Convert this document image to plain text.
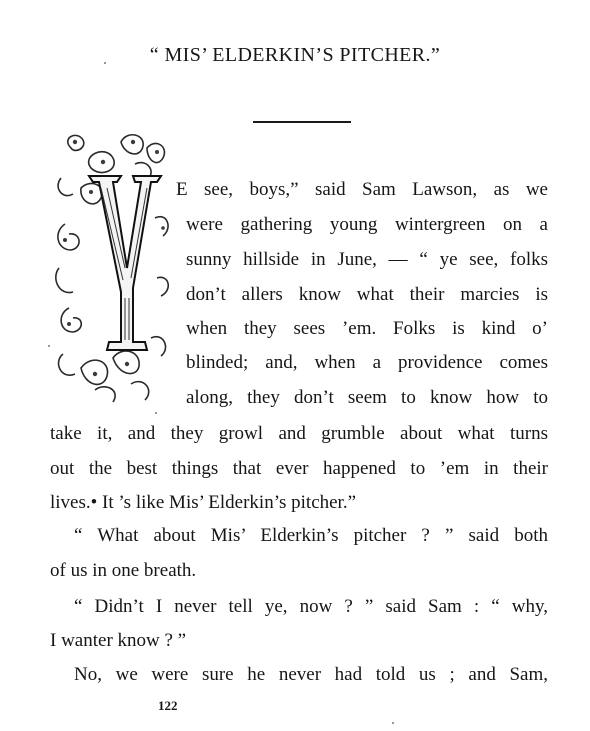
“ MIS’ ELDERKIN’S PITCHER.”

E see, boys,” said Sam Lawson, as we

were gathering young wintergreen on a

sunny hillside in June, — “ ye see, folks

don’t allers know what their marcies is

when they sees ’em. Folks is kind o’

blinded; and, when a providence comes

along, they don’t seem to know how to

take it, and they growl and grumble about what turns

out the best things that ever happened to ’em in their

lives.• It ’s like Mis’ Elderkin’s pitcher.”

“ What about Mis’ Elderkin’s pitcher ? ” said both

of us in one breath.

“ Didn’t I never tell ye, now ? ” said Sam : “ why,

I wanter know ? ”

No, we were sure he never had told us ; and Sam,

122
